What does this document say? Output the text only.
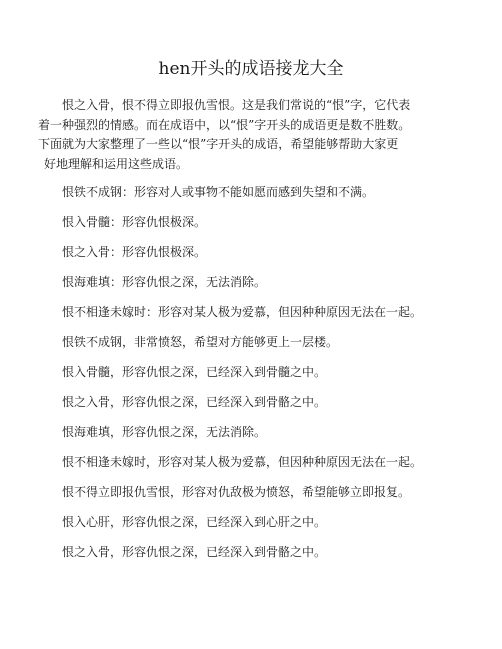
hen开头的成语接龙大全
恨之入骨，恨不得立即报仇雪恨。这是我们常说的“恨”字，它代表
着一种强烈的情感。而在成语中，以“恨”字开头的成语更是数不胜数。
下面就为大家整理了一些以“恨”字开头的成语，希望能够帮助大家更
好地理解和运用这些成语。
恨铁不成钢：形容对人或事物不能如愿而感到失望和不满。
恨入骨髓：形容仇恨极深。
恨之入骨：形容仇恨极深。
恨海难填：形容仇恨之深，无法消除。
恨不相逢未嫁时：形容对某人极为爱慕，但因种种原因无法在一起。
恨铁不成钢，非常愤怒，希望对方能够更上一层楼。
恨入骨髓，形容仇恨之深，已经深入到骨髓之中。
恨之入骨，形容仇恨之深，已经深入到骨骼之中。
恨海难填，形容仇恨之深，无法消除。
恨不相逢未嫁时，形容对某人极为爱慕，但因种种原因无法在一起。
恨不得立即报仇雪恨，形容对仇敌极为愤怒，希望能够立即报复。
恨入心肝，形容仇恨之深，已经深入到心肝之中。
恨之入骨，形容仇恨之深，已经深入到骨骼之中。
